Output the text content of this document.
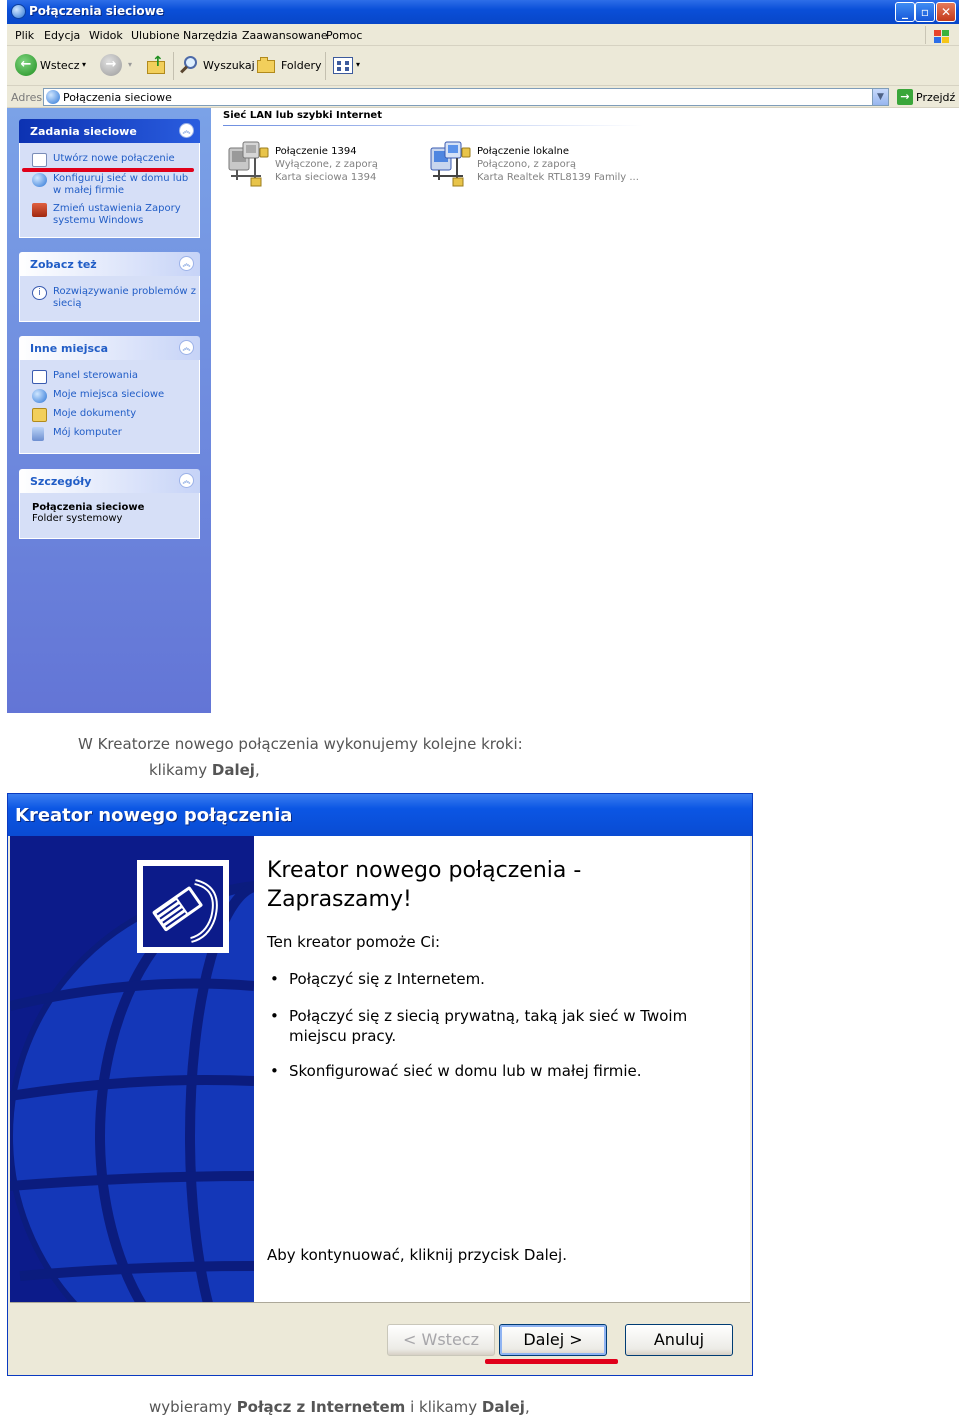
Połączenia sieciowe	_	▫ ✕
Plik Edycja Widok Ulubione Narzędzia Zaawansowane
Pomoc
← Wstecz ▾	→	▾ ↑	Wyszukaj Foldery	▾
Adres Połączenia sieciowe	▼	→ Przejdź
Zadania sieciowe	︽
Utwórz nowe połączenie
Konfiguruj sieć w domu lub w małej firmie
Zmień ustawienia Zapory systemu Windows
Zobacz też	︽
i	Rozwiązywanie problemów z siecią
Inne miejsca	︽
Panel sterowania
Moje miejsca sieciowe
Moje dokumenty
Mój komputer
Szczegóły	︽
Połączenia sieciowe
Folder systemowy
Sieć LAN lub szybki Internet
Połączenie 1394
Wyłączone, z zaporą
Karta sieciowa 1394
Połączenie lokalne
Połączono, z zaporą
Karta Realtek RTL8139 Family ...
W Kreatorze nowego połączenia wykonujemy kolejne kroki:
klikamy Dalej,
Kreator nowego połączenia
Kreator nowego połączenia - Zapraszamy!
Ten kreator pomoże Ci:
• Połączyć się z Internetem.
• Połączyć się z siecią prywatną, taką jak sieć w Twoim miejscu pracy.
• Skonfigurować sieć w domu lub w małej firmie.
Aby kontynuować, kliknij przycisk Dalej.
< Wstecz	Dalej >	Anuluj
wybieramy Połącz z Internetem i klikamy Dalej,
